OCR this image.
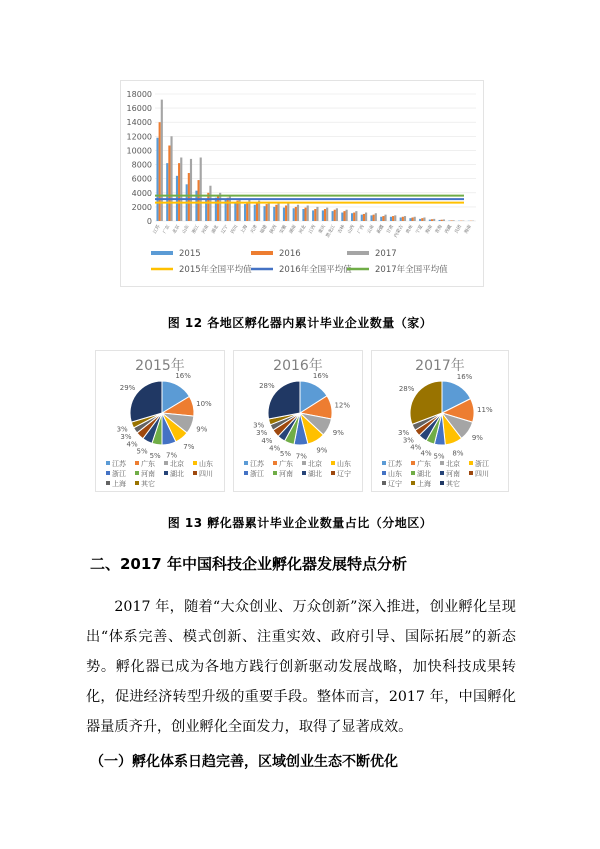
0
2000
4000
6000
8000
10000
12000
14000
16000
18000
江苏 广东 北京 山东 浙江 河南 湖北 辽宁 四川 上海 天津 福建 陕西 安徽 湖南 河北 江西 重庆
黑龙江 吉林 山西 广西 云南 新疆 甘肃
内蒙古 贵州 宁夏 海南 青海 西藏 兵团 海南
2015	2016	2017
2015年全国平均值	2016年全国平均值	2017年全国平均值
图 12 各地区孵化器内累计毕业企业数量（家）
2015年
16%
10%
9%
7%
7%
5%
5%
4%
3%
3%
29%
江苏 广东 北京 山东
浙江 河南 湖北 四川
上海 其它
2016年
16%
12%
9%
9%
7%
5%
4%
4%
3%
3%
28%
江苏 广东 北京 山东
浙江 河南 湖北 辽宁
2017年
16%
11%
9%
8%
5%
4%
4%
3%
3%
28%
江苏 广东 北京 浙江
山东 湖北 河南 四川
辽宁 上海 其它
图 13 孵化器累计毕业企业数量占比（分地区）
二、2017 年中国科技企业孵化器发展特点分析
2017 年，随着“大众创业、万众创新”深入推进，创业孵化呈现出“体系完善、模式创新、注重实效、政府引导、国际拓展”的新态势。孵化器已成为各地方践行创新驱动发展战略，加快科技成果转化，促进经济转型升级的重要手段。整体而言，2017 年，中国孵化器量质齐升，创业孵化全面发力，取得了显著成效。
（一）孵化体系日趋完善，区域创业生态不断优化
